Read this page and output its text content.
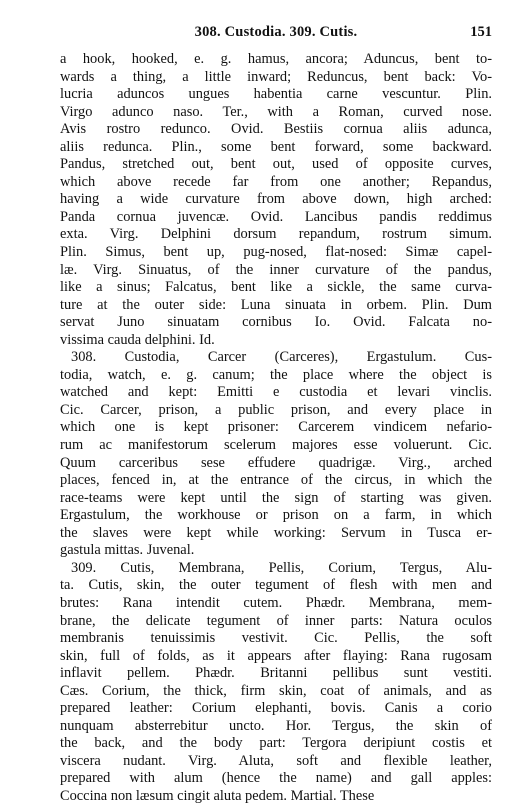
308. Custodia. 309. Cutis.	151
a hook, hooked, e. g. hamus, ancora; Aduncus, bent to-
wards a thing, a little inward; Reduncus, bent back: Vo-
lucria aduncos ungues habentia carne vescuntur. Plin.
Virgo adunco naso. Ter., with a Roman, curved nose.
Avis rostro redunco. Ovid. Bestiis cornua aliis adunca,
aliis redunca. Plin., some bent forward, some backward.
Pandus, stretched out, bent out, used of opposite curves,
which above recede far from one another; Repandus,
having a wide curvature from above down, high arched:
Panda cornua juvencæ. Ovid. Lancibus pandis reddimus
exta. Virg. Delphini dorsum repandum, rostrum simum.
Plin. Simus, bent up, pug-nosed, flat-nosed: Simæ capel-
læ. Virg. Sinuatus, of the inner curvature of the pandus,
like a sinus; Falcatus, bent like a sickle, the same curva-
ture at the outer side: Luna sinuata in orbem. Plin. Dum
servat Juno sinuatam cornibus Io. Ovid. Falcata no-
vissima cauda delphini. Id.
308. Custodia, Carcer (Carceres), Ergastulum. Cus-
todia, watch, e. g. canum; the place where the object is
watched and kept: Emitti e custodia et levari vinclis.
Cic. Carcer, prison, a public prison, and every place in
which one is kept prisoner: Carcerem vindicem nefario-
rum ac manifestorum scelerum majores esse voluerunt. Cic.
Quum carceribus sese effudere quadrigæ. Virg., arched
places, fenced in, at the entrance of the circus, in which the
race-teams were kept until the sign of starting was given.
Ergastulum, the workhouse or prison on a farm, in which
the slaves were kept while working: Servum in Tusca er-
gastula mittas. Juvenal.
309. Cutis, Membrana, Pellis, Corium, Tergus, Alu-
ta. Cutis, skin, the outer tegument of flesh with men and
brutes: Rana intendit cutem. Phædr. Membrana, mem-
brane, the delicate tegument of inner parts: Natura oculos
membranis tenuissimis vestivit. Cic. Pellis, the soft
skin, full of folds, as it appears after flaying: Rana rugosam
inflavit pellem. Phædr. Britanni pellibus sunt vestiti.
Cæs. Corium, the thick, firm skin, coat of animals, and as
prepared leather: Corium elephanti, bovis. Canis a corio
nunquam absterrebitur uncto. Hor. Tergus, the skin of
the back, and the body part: Tergora deripiunt costis et
viscera nudant. Virg. Aluta, soft and flexible leather,
prepared with alum (hence the name) and gall apples:
Coccina non læsum cingit aluta pedem. Martial. These
